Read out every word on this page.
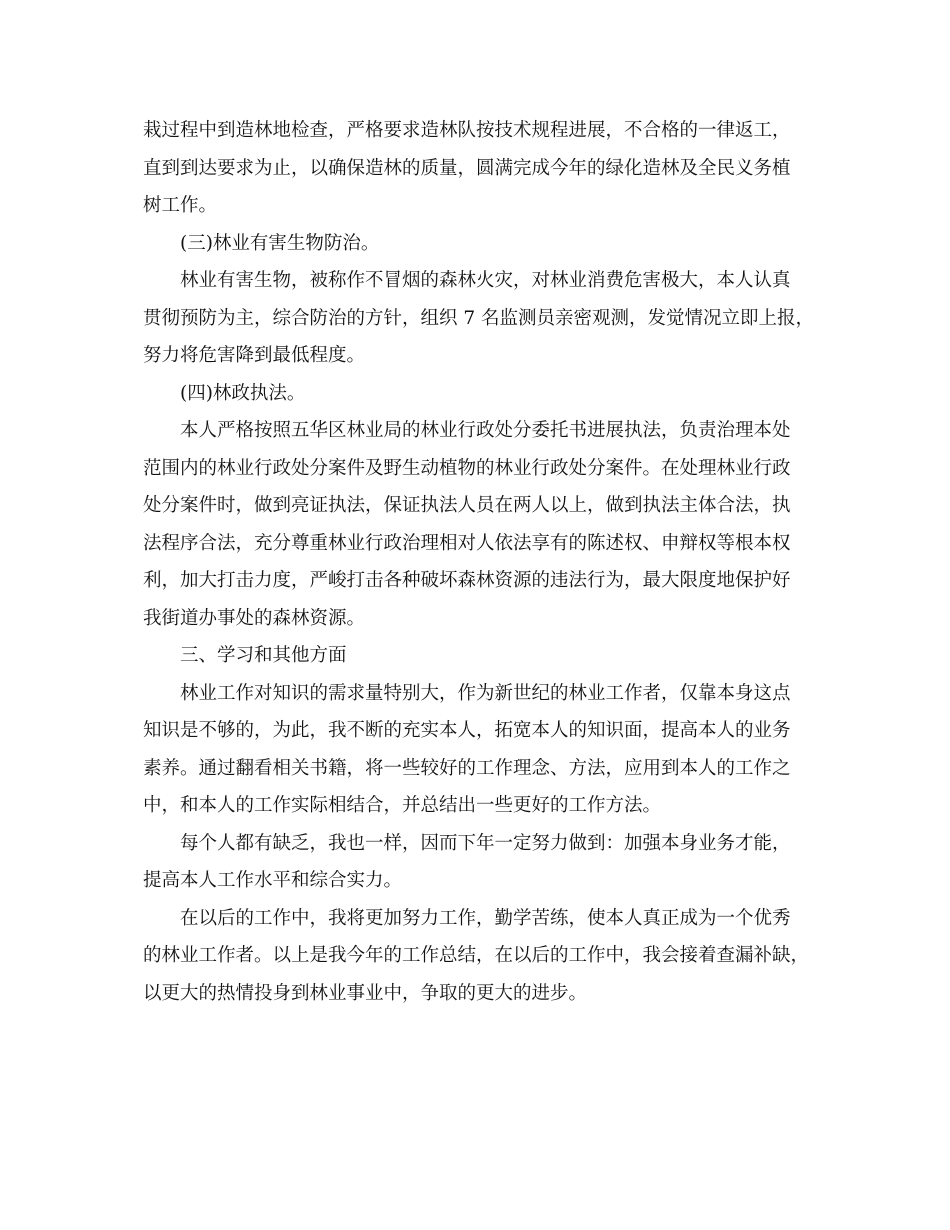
栽过程中到造林地检查，严格要求造林队按技术规程进展，不合格的一律返工，
直到到达要求为止，以确保造林的质量，圆满完成今年的绿化造林及全民义务植
树工作。

(三)林业有害生物防治。

林业有害生物，被称作不冒烟的森林火灾，对林业消费危害极大，本人认真
贯彻预防为主，综合防治的方针，组织 7 名监测员亲密观测，发觉情况立即上报，
努力将危害降到最低程度。

(四)林政执法。

本人严格按照五华区林业局的林业行政处分委托书进展执法，负责治理本处
范围内的林业行政处分案件及野生动植物的林业行政处分案件。在处理林业行政
处分案件时，做到亮证执法，保证执法人员在两人以上，做到执法主体合法，执
法程序合法，充分尊重林业行政治理相对人依法享有的陈述权、申辩权等根本权
利，加大打击力度，严峻打击各种破坏森林资源的违法行为，最大限度地保护好
我街道办事处的森林资源。

三、学习和其他方面

林业工作对知识的需求量特别大，作为新世纪的林业工作者，仅靠本身这点
知识是不够的，为此，我不断的充实本人，拓宽本人的知识面，提高本人的业务
素养。通过翻看相关书籍，将一些较好的工作理念、方法，应用到本人的工作之
中，和本人的工作实际相结合，并总结出一些更好的工作方法。

每个人都有缺乏，我也一样，因而下年一定努力做到：加强本身业务才能，
提高本人工作水平和综合实力。

在以后的工作中，我将更加努力工作，勤学苦练，使本人真正成为一个优秀
的林业工作者。以上是我今年的工作总结，在以后的工作中，我会接着查漏补缺，
以更大的热情投身到林业事业中，争取的更大的进步。
